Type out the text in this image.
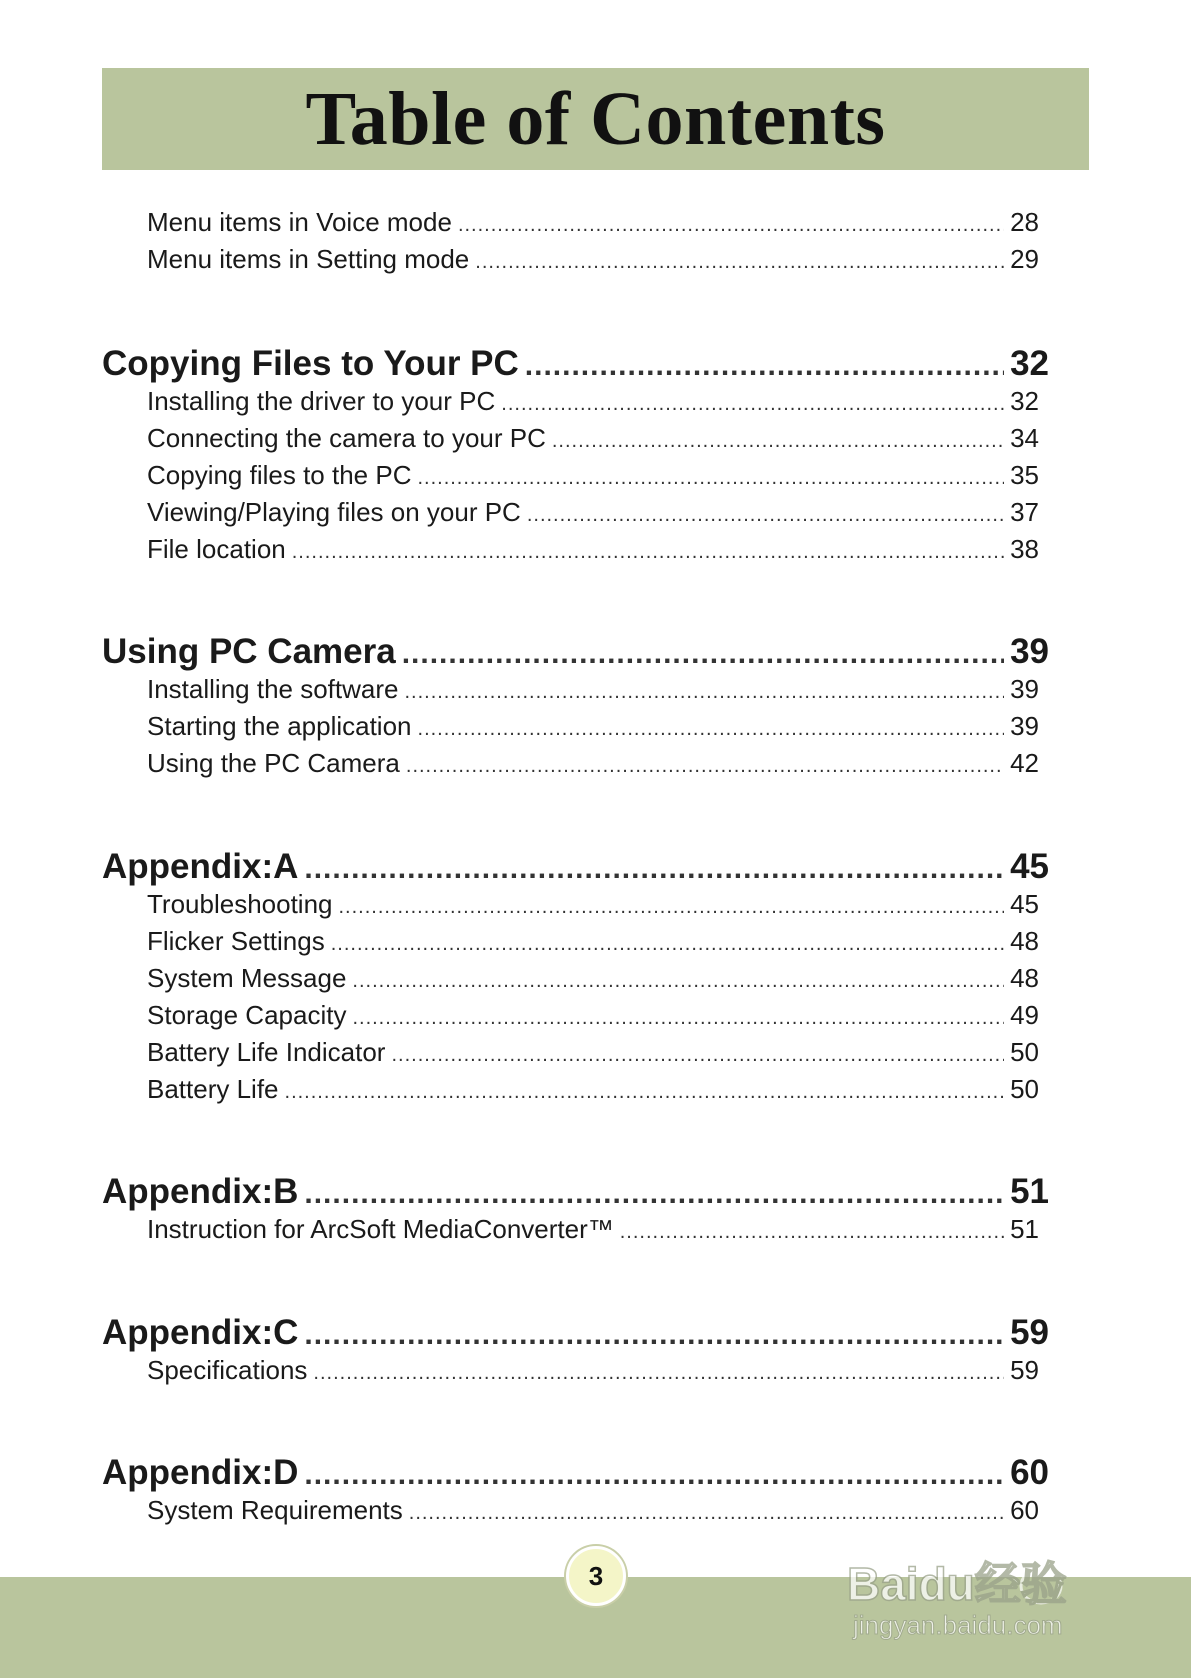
Table of Contents
Menu items in Voice mode .....	28
Menu items in Setting mode .....	29
Copying Files to Your PC .....	32
Installing the driver to your PC .....	32
Connecting the camera to your PC .....	34
Copying files to the PC .....	35
Viewing/Playing files on your PC .....	37
File location .....	38
Using PC Camera .....	39
Installing the software .....	39
Starting the application .....	39
Using the PC Camera .....	42
Appendix:A .....	45
Troubleshooting .....	45
Flicker Settings .....	48
System Message .....	48
Storage Capacity .....	49
Battery Life Indicator .....	50
Battery Life .....	50
Appendix:B .....	51
Instruction for ArcSoft MediaConverter™ .....	51
Appendix:C .....	59
Specifications .....	59
Appendix:D .....	60
System Requirements .....	60
3	Baidu经验
jingyan.baidu.com
